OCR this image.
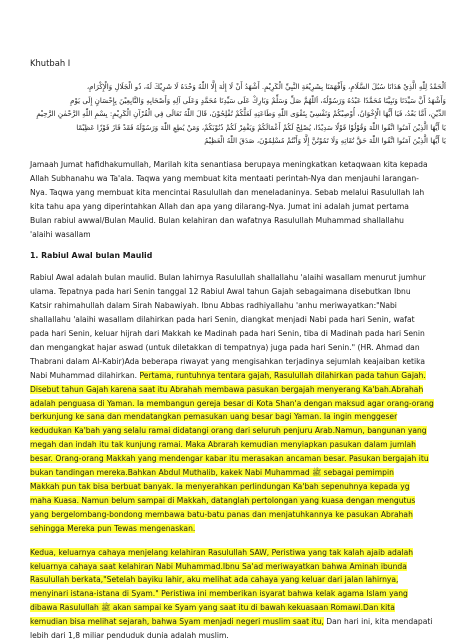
Khutbah I
اَلْحَمْدُ لِلّٰهِ الَّذِيْ هَدَانَا سُبُلَ السَّلَامِ، وَأَفْهَمَنَا بِشَرِيْعَةِ النَّبِيِّ الْكَرِيْمِ. أَشْهَدُ أَنْ لَا إِلٰهَ إِلَّا اللّٰهُ وَحْدَهُ لَا شَرِيْكَ لَهُ، ذُو الْجَلَالِ وَالْإِكْرَامِ،
وَأَشْهَدُ أَنَّ سَيِّدَنَا وَنَبِيَّنَا مُحَمَّدًا عَبْدُهُ وَرَسُوْلُهُ، اَللّٰهُمَّ صَلِّ وَسَلِّمْ وَبَارِكْ عَلَى سَيِّدِنَا مُحَمَّدٍ وَعَلَى آلِهِ وَأَصْحَابِهِ وَالتَّابِعِيْنَ بِإِحْسَانٍ إِلَى يَوْمِ
الدِّيْنِ، أَمَّا بَعْدُ، فَيَا أَيُّهَا الْإِخْوَانُ، أُوْصِيْكُمْ وَنَفْسِيْ بِتَقْوَى اللّٰهِ وَطَاعَتِهِ لَعَلَّكُمْ تُفْلِحُوْنَ، قَالَ اللّٰهُ تَعَالَى فِي الْقُرْآنِ الْكَرِيْمِ: بِسْمِ اللّٰهِ الرَّحْمٰنِ الرَّحِيْمِ
يَا أَيُّهَا الَّذِيْنَ آمَنُوا اتَّقُوا اللّٰهَ وَقُوْلُوْا قَوْلًا سَدِيْدًا، يُصْلِحْ لَكُمْ أَعْمَالَكُمْ وَيَغْفِرْ لَكُمْ ذُنُوْبَكُمْ، وَمَنْ يُطِعِ اللّٰهَ وَرَسُوْلَهُ فَقَدْ فَازَ فَوْزًا عَظِيْمًا
يَا أَيُّهَا الَّذِيْنَ آمَنُوا اتَّقُوا اللّٰهَ حَقَّ تُقَاتِهِ وَلَا تَمُوْتُنَّ إِلَّا وَأَنْتُمْ مُسْلِمُوْنَ، صَدَقَ اللّٰهُ الْعَظِيْمُ

Jamaah Jumat hafidhakumullah, Marilah kita senantiasa berupaya meningkatkan ketaqwaan kita kepada
Allah Subhanahu wa Ta'ala. Taqwa yang membuat kita mentaati perintah-Nya dan menjauhi larangan-
Nya. Taqwa yang membuat kita mencintai Rasulullah dan meneladaninya. Sebab melalui Rasulullah lah
kita tahu apa yang diperintahkan Allah dan apa yang dilarang-Nya. Jumat ini adalah jumat pertama
Bulan rabiul awwal/Bulan Maulid. Bulan kelahiran dan wafatnya Rasulullah Muhammad shallallahu
'alaihi wasallam

1. Rabiul Awal bulan Maulid

Rabiul Awal adalah bulan maulid. Bulan lahirnya Rasulullah shallallahu 'alaihi wasallam menurut jumhur
ulama. Tepatnya pada hari Senin tanggal 12 Rabiul Awal tahun Gajah sebagaimana disebutkan Ibnu
Katsir rahimahullah dalam Sirah Nabawiyah. Ibnu Abbas radhiyallahu 'anhu meriwayatkan:"Nabi
shallallahu 'alaihi wasallam dilahirkan pada hari Senin, diangkat menjadi Nabi pada hari Senin, wafat
pada hari Senin, keluar hijrah dari Makkah ke Madinah pada hari Senin, tiba di Madinah pada hari Senin
dan mengangkat hajar aswad (untuk diletakkan di tempatnya) juga pada hari Senin." (HR. Ahmad dan
Thabrani dalam Al-Kabir)Ada beberapa riwayat yang mengisahkan terjadinya sejumlah keajaiban ketika
Nabi Muhammad dilahirkan. Pertama, runtuhnya tentara gajah, Rasulullah dilahirkan pada tahun Gajah.
Disebut tahun Gajah karena saat itu Abrahah membawa pasukan bergajah menyerang Ka'bah.Abrahah
adalah penguasa di Yaman. Ia membangun gereja besar di Kota Shan'a dengan maksud agar orang-orang
berkunjung ke sana dan mendatangkan pemasukan uang besar bagi Yaman. Ia ingin menggeser
kedudukan Ka'bah yang selalu ramai didatangi orang dari seluruh penjuru Arab.Namun, bangunan yang
megah dan indah itu tak kunjung ramai. Maka Abrarah kemudian menyiapkan pasukan dalam jumlah
besar. Orang-orang Makkah yang mendengar kabar itu merasakan ancaman besar. Pasukan bergajah itu
bukan tandingan mereka.Bahkan Abdul Muthalib, kakek Nabi Muhammad ﷺ sebagai pemimpin
Makkah pun tak bisa berbuat banyak. Ia menyerahkan perlindungan Ka'bah sepenuhnya kepada yg
maha Kuasa. Namun belum sampai di Makkah, datanglah pertolongan yang kuasa dengan mengutus
yang bergelombang-bondong membawa batu-batu panas dan menjatuhkannya ke pasukan Abrahah
sehingga Mereka pun Tewas mengenaskan.

Kedua, keluarnya cahaya menjelang kelahiran Rasulullah SAW, Peristiwa yang tak kalah ajaib adalah
keluarnya cahaya saat kelahiran Nabi Muhammad.Ibnu Sa'ad meriwayatkan bahwa Aminah ibunda
Rasulullah berkata,"Setelah bayiku lahir, aku melihat ada cahaya yang keluar dari jalan lahirnya,
menyinari istana-istana di Syam." Peristiwa ini memberikan isyarat bahwa kelak agama Islam yang
dibawa Rasulullah ﷺ akan sampai ke Syam yang saat itu di bawah kekuasaan Romawi.Dan kita
kemudian bisa melihat sejarah, bahwa Syam menjadi negeri muslim saat itu, Dan hari ini, kita mendapati
lebih dari 1,8 miliar penduduk dunia adalah muslim.
